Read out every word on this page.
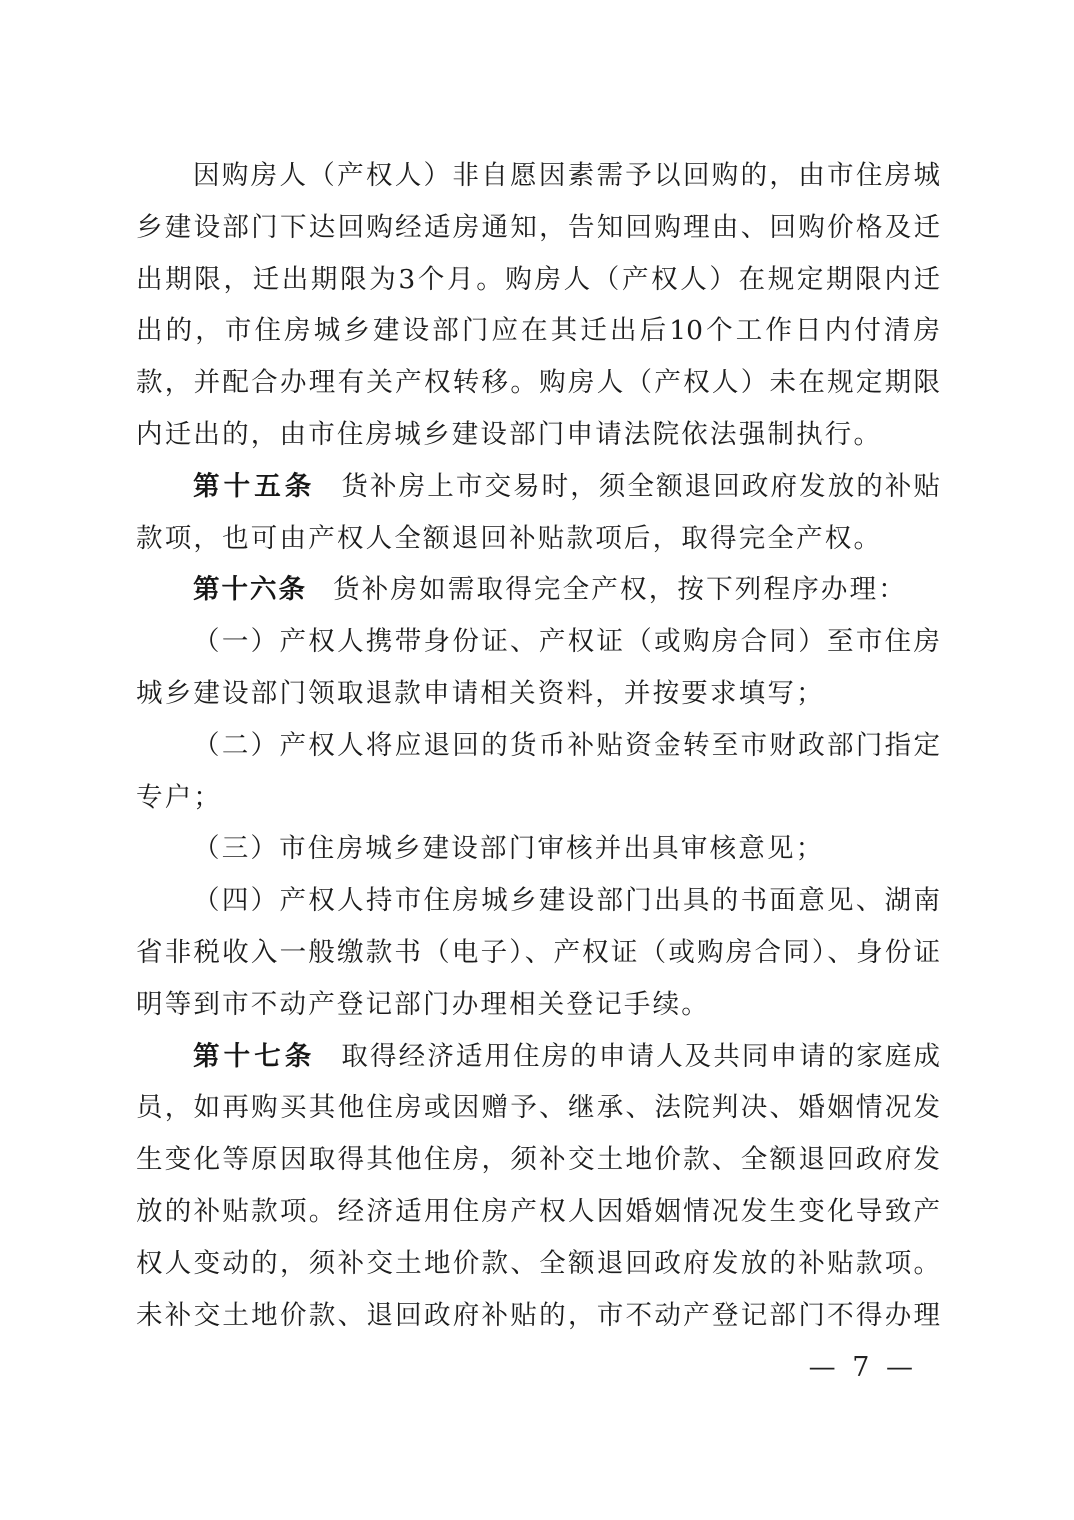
因购房人（产权人）非自愿因素需予以回购的，由市住房城
乡建设部门下达回购经适房通知，告知回购理由、回购价格及迁
出期限，迁出期限为3个月。购房人（产权人）在规定期限内迁
出的，市住房城乡建设部门应在其迁出后10个工作日内付清房
款，并配合办理有关产权转移。购房人（产权人）未在规定期限
内迁出的，由市住房城乡建设部门申请法院依法强制执行。
第十五条 货补房上市交易时，须全额退回政府发放的补贴
款项，也可由产权人全额退回补贴款项后，取得完全产权。
第十六条 货补房如需取得完全产权，按下列程序办理：
（一）产权人携带身份证、产权证（或购房合同）至市住房
城乡建设部门领取退款申请相关资料，并按要求填写；
（二）产权人将应退回的货币补贴资金转至市财政部门指定
专户；
（三）市住房城乡建设部门审核并出具审核意见；
（四）产权人持市住房城乡建设部门出具的书面意见、湖南
省非税收入一般缴款书（电子）、产权证（或购房合同）、身份证
明等到市不动产登记部门办理相关登记手续。
第十七条 取得经济适用住房的申请人及共同申请的家庭成
员，如再购买其他住房或因赠予、继承、法院判决、婚姻情况发
生变化等原因取得其他住房，须补交土地价款、全额退回政府发
放的补贴款项。经济适用住房产权人因婚姻情况发生变化导致产
权人变动的，须补交土地价款、全额退回政府发放的补贴款项。
未补交土地价款、退回政府补贴的，市不动产登记部门不得办理
— 7 —
